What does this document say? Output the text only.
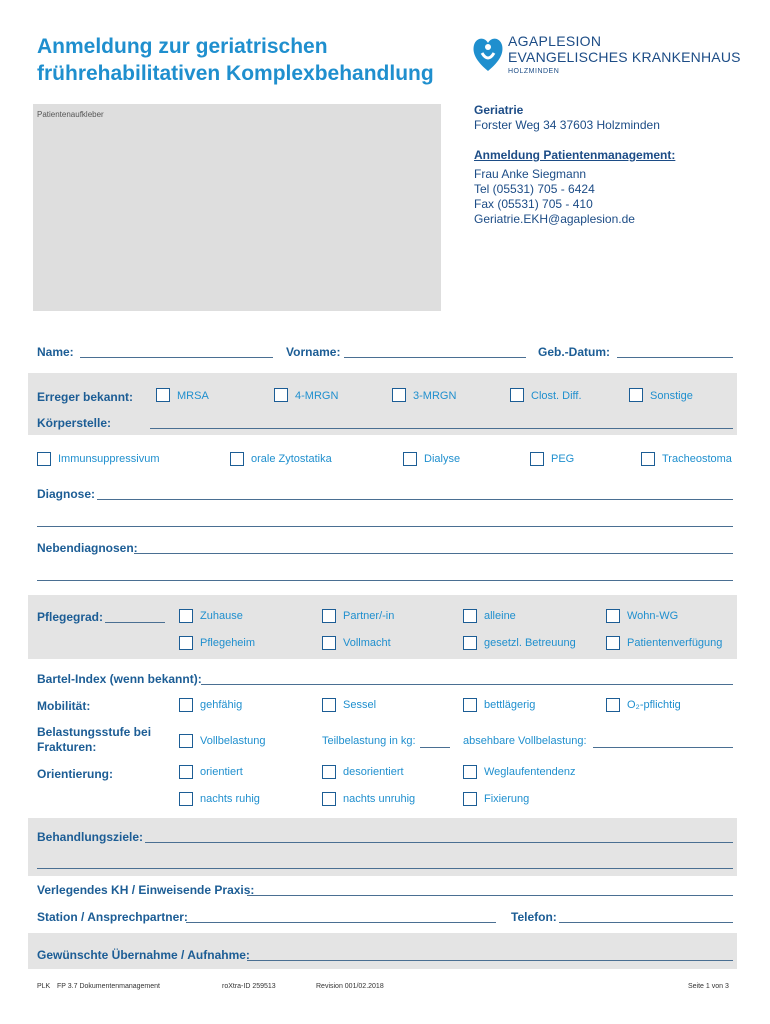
Anmeldung zur geriatrischen
frührehabilitativen Komplexbehandlung
AGAPLESION
EVANGELISCHES KRANKENHAUS
HOLZMINDEN
Patientenaufkleber	Geriatrie
Forster Weg 34 37603 Holzminden
Anmeldung Patientenmanagement:
Frau Anke Siegmann
Tel (05531) 705 - 6424
Fax (05531) 705 - 410
Geriatrie.EKH@agaplesion.de
Name:	Vorname:	Geb.-Datum:
Erreger bekannt:	MRSA	4-MRGN	3-MRGN	Clost. Diff.	Sonstige
Körperstelle:
Immunsuppressivum	orale Zytostatika	Dialyse	PEG	Tracheostoma
Diagnose:
Nebendiagnosen:
Pflegegrad:	Zuhause	Partner/-in	alleine	Wohn-WG
Pflegeheim	Vollmacht	gesetzl. Betreuung	Patientenverfügung
Bartel-Index (wenn bekannt):
Mobilität:	gehfähig	Sessel	bettlägerig	O₂-pflichtig
Belastungsstufe bei
Frakturen:	Vollbelastung	Teilbelastung in kg:	absehbare Vollbelastung:
Orientierung:	orientiert	desorientiert	Weglaufentendenz
nachts ruhig	nachts unruhig	Fixierung
Behandlungsziele:
Verlegendes KH / Einweisende Praxis:
Station / Ansprechpartner:	Telefon:
Gewünschte Übernahme / Aufnahme:
PLK FP 3.7 Dokumentenmanagement	roXtra-ID 259513	Revision 001/02.2018	Seite 1 von 3
